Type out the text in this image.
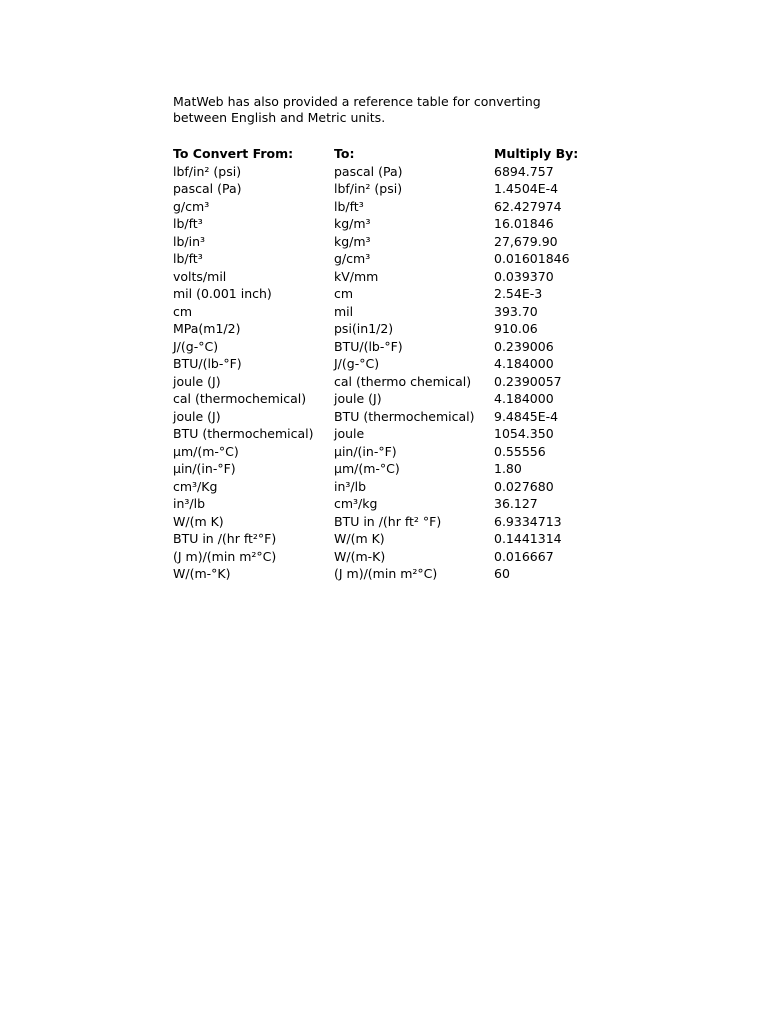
MatWeb has also provided a reference table for converting
between English and Metric units.

To Convert From:	To:	Multiply By:
lbf/in² (psi)	pascal (Pa)	6894.757
pascal (Pa)	lbf/in² (psi)	1.4504E-4
g/cm³	lb/ft³	62.427974
lb/ft³	kg/m³	16.01846
lb/in³	kg/m³	27,679.90
lb/ft³	g/cm³	0.01601846
volts/mil	kV/mm	0.039370
mil (0.001 inch)	cm	2.54E-3
cm	mil	393.70
MPa(m1/2)	psi(in1/2)	910.06
J/(g-°C)	BTU/(lb-°F)	0.239006
BTU/(lb-°F)	J/(g-°C)	4.184000
joule (J)	cal (thermo chemical)	0.2390057
cal (thermochemical)	joule (J)	4.184000
joule (J)	BTU (thermochemical)	9.4845E-4
BTU (thermochemical)	joule	1054.350
μm/(m-°C)	μin/(in-°F)	0.55556
μin/(in-°F)	μm/(m-°C)	1.80
cm³/Kg	in³/lb	0.027680
in³/lb	cm³/kg	36.127
W/(m K)	BTU in /(hr ft² °F)	6.9334713
BTU in /(hr ft²°F)	W/(m K)	0.1441314
(J m)/(min m²°C)	W/(m-K)	0.016667
W/(m-°K)	(J m)/(min m²°C)	60
